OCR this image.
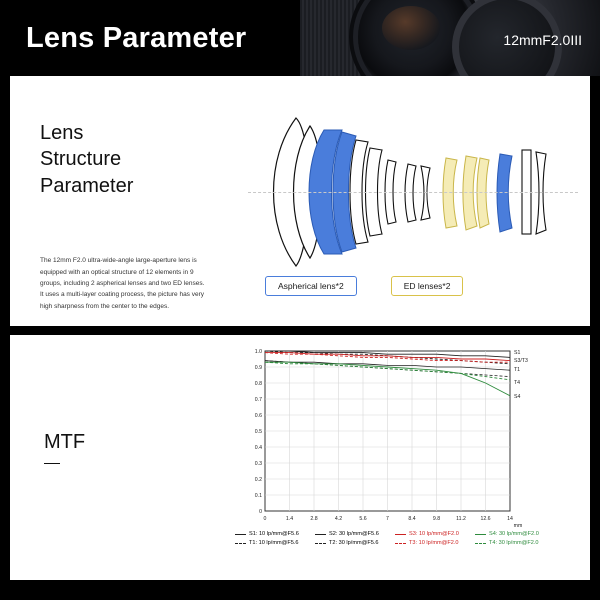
Lens Parameter	12mmF2.0III
Lens
Structure
Parameter
The 12mm F2.0 ultra-wide-angle large-aperture lens is equipped with an optical structure of 12 elements in 9 groups, including 2 aspherical lenses and two ED lenses. It uses a multi-layer coating process, the picture has very high sharpness from the center to the edges.
Aspherical lens*2	ED lenses*2
MTF
1.0
0.9
0.8
0.7
0.6
0.5
0.4
0.3
0.2
0.1
0
0	1.4	2.8	4.2	5.6	7	8.4	9.8	11.2	12.6	14
mm
S1
S3/T3
T1
T4
S4
S1: 10 lp/mm@F5.6	S2: 30 lp/mm@F5.6	S3: 10 lp/mm@F2.0	S4: 30 lp/mm@F2.0
T1: 10 lp/mm@F5.6	T2: 30 lp/mm@F5.6	T3: 10 lp/mm@F2.0	T4: 30 lp/mm@F2.0
